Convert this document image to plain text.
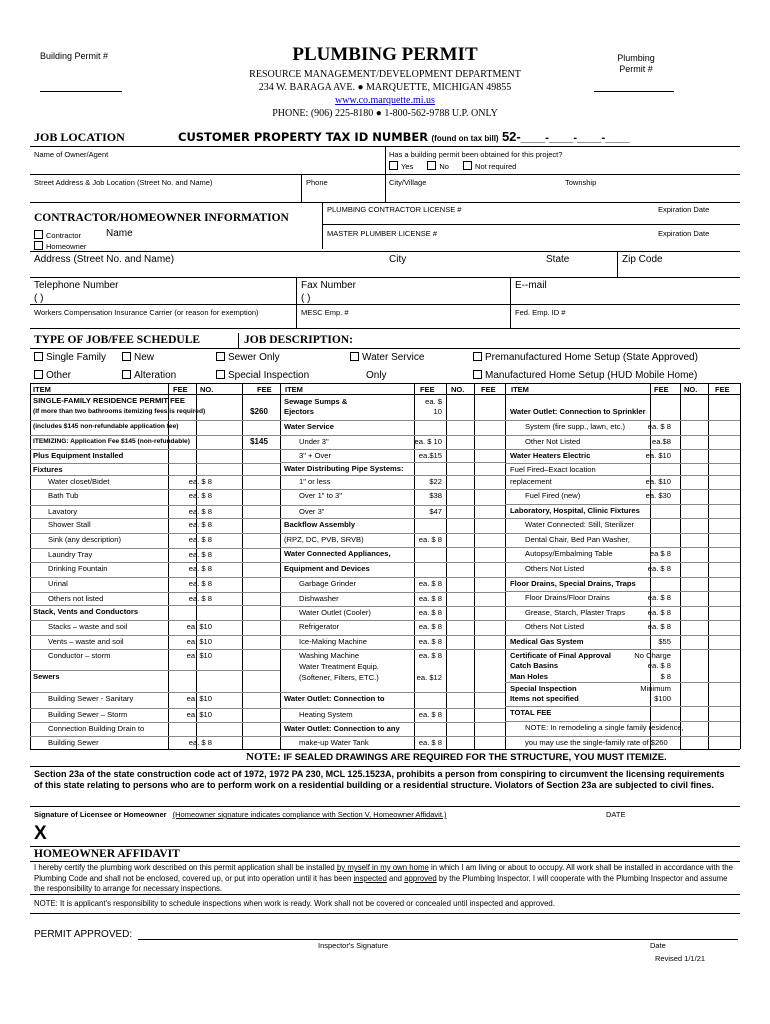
Building Permit #	PLUMBING PERMIT
RESOURCE MANAGEMENT/DEVELOPMENT DEPARTMENT
234 W. BARAGA AVE. ● MARQUETTE, MICHIGAN 49855
www.co.marquette.mi.us
PHONE: (906) 225-8180 ● 1-800-562-9788 U.P. ONLY
Plumbing
Permit #
JOB LOCATION	CUSTOMER PROPERTY TAX ID NUMBER (found on tax bill) 52-____-____-____-____
Name of Owner/Agent	Has a building permit been obtained for this project?
Yes	No	Not required
Street Address & Job Location (Street No. and Name)	Phone	City/Village	Township
PLUMBING CONTRACTOR LICENSE #	Expiration Date
CONTRACTOR/HOMEOWNER INFORMATION
MASTER PLUMBER LICENSE #	Expiration Date
Contractor
Homeowner
Name
Address (Street No. and Name)	City	State	Zip Code
Telephone Number
( )
Fax Number
( )
E--mail
Workers Compensation Insurance Carrier (or reason for exemption)	MESC Emp. #	Fed. Emp. ID #
TYPE OF JOB/FEE SCHEDULE	JOB DESCRIPTION:
Single Family	New	Sewer Only	Water Service	Premanufactured Home Setup (State Approved)
Other	Alteration	Special Inspection	Only	Manufactured Home Setup (HUD Mobile Home)
ITEM	FEE NO.	FEE ITEM	FEE NO. FEE ITEM	FEE NO. FEE
SINGLE-FAMILY RESIDENCE PERMIT FEE
(If more than two bathrooms itemizing fees is required)	$260
(includes $145 non-refundable application fee)
ITEMIZING: Application Fee $145 (non-refundable)	$145
Plus Equipment Installed
Fixtures
Water closet/Bidet	ea. $ 8
Bath Tub	ea. $ 8
Lavatory	ea. $ 8
Shower Stall	ea. $ 8
Sink (any description)	ea. $ 8
Laundry Tray	ea. $ 8
Drinking Fountain	ea. $ 8
Urinal	ea. $ 8
Others not listed	ea. $ 8
Stack, Vents and Conductors
Stacks – waste and soil	ea. $10
Vents – waste and soil	ea. $10
Conductor – storm	ea. $10
Sewers
Building Sewer - Sanitary	ea. $10
Building Sewer – Storm	ea. $10
Connection Building Drain to
Building Sewer	ea. $ 8
Sewage Sumps &	ea. $
Ejectors	10
Water Service
Under 3"	ea. $ 10
3" + Over	ea.$15
Water Distributing Pipe Systems:
1" or less	$22
Over 1" to 3"	$38
Over 3"	$47
Backflow Assembly
(RPZ, DC, PVB, SRVB)	ea. $ 8
Water Connected Appliances,
Equipment and Devices
Garbage Grinder	ea. $ 8
Dishwasher	ea. $ 8
Water Outlet (Cooler)	ea. $ 8
Refrigerator	ea. $ 8
Ice-Making Machine	ea. $ 8
Washing Machine	ea. $ 8
Water Treatment Equip.
(Softener, Filters, ETC.)	ea. $12
Water Outlet: Connection to
Heating System	ea. $ 8
Water Outlet: Connection to any
make-up Water Tank	ea. $ 8
Water Outlet: Connection to Sprinkler
System (fire supp., lawn, etc.)	ea. $ 8
Other Not Listed	ea.$8
Water Heaters Electric	ea. $10
Fuel Fired–Exact location
replacement	ea. $10
Fuel Fired (new)	ea. $30
Laboratory, Hospital, Clinic Fixtures
Water Connected: Still, Sterilizer
Dental Chair, Bed Pan Washer,
Autopsy/Embalming Table	ea $ 8
Others Not Listed	ea. $ 8
Floor Drains, Special Drains, Traps
Floor Drains/Floor Drains	ea. $ 8
Grease, Starch, Plaster Traps	ea. $ 8
Others Not Listed	ea. $ 8
Medical Gas System	$55
Certificate of Final Approval	No Charge
Catch Basins	ea. $ 8
Man Holes	$ 8
Special Inspection	Minimum
Items not specified	$100
TOTAL FEE
NOTE: In remodeling a single family residence,
you may use the single-family rate of $260
NOTE: IF SEALED DRAWINGS ARE REQUIRED FOR THE STRUCTURE, YOU MUST ITEMIZE.
Section 23a of the state construction code act of 1972, 1972 PA 230, MCL 125.1523A, prohibits a person from conspiring to circumvent the licensing requirements of this state relating to persons who are to perform work on a residential building or a residential structure. Violators of Section 23a are subjected to civil fines.
Signature of Licensee or Homeowner (Homeowner signature indicates compliance with Section V, Homeowner Affidavit.)	DATE
X
HOMEOWNER AFFIDAVIT
I hereby certify the plumbing work described on this permit application shall be installed by myself in my own home in which I am living or about to occupy. All work shall be installed in accordance with the Plumbing Code and shall not be enclosed, covered up, or put into operation until it has been inspected and approved by the Plumbing Inspector. I will cooperate with the Plumbing Inspector and assume the responsibility to arrange for necessary inspections.
NOTE: It is applicant’s responsibility to schedule inspections when work is ready. Work shall not be covered or concealed until inspected and approved.
PERMIT APPROVED:
Inspector's Signature	Date
Revised 1/1/21
